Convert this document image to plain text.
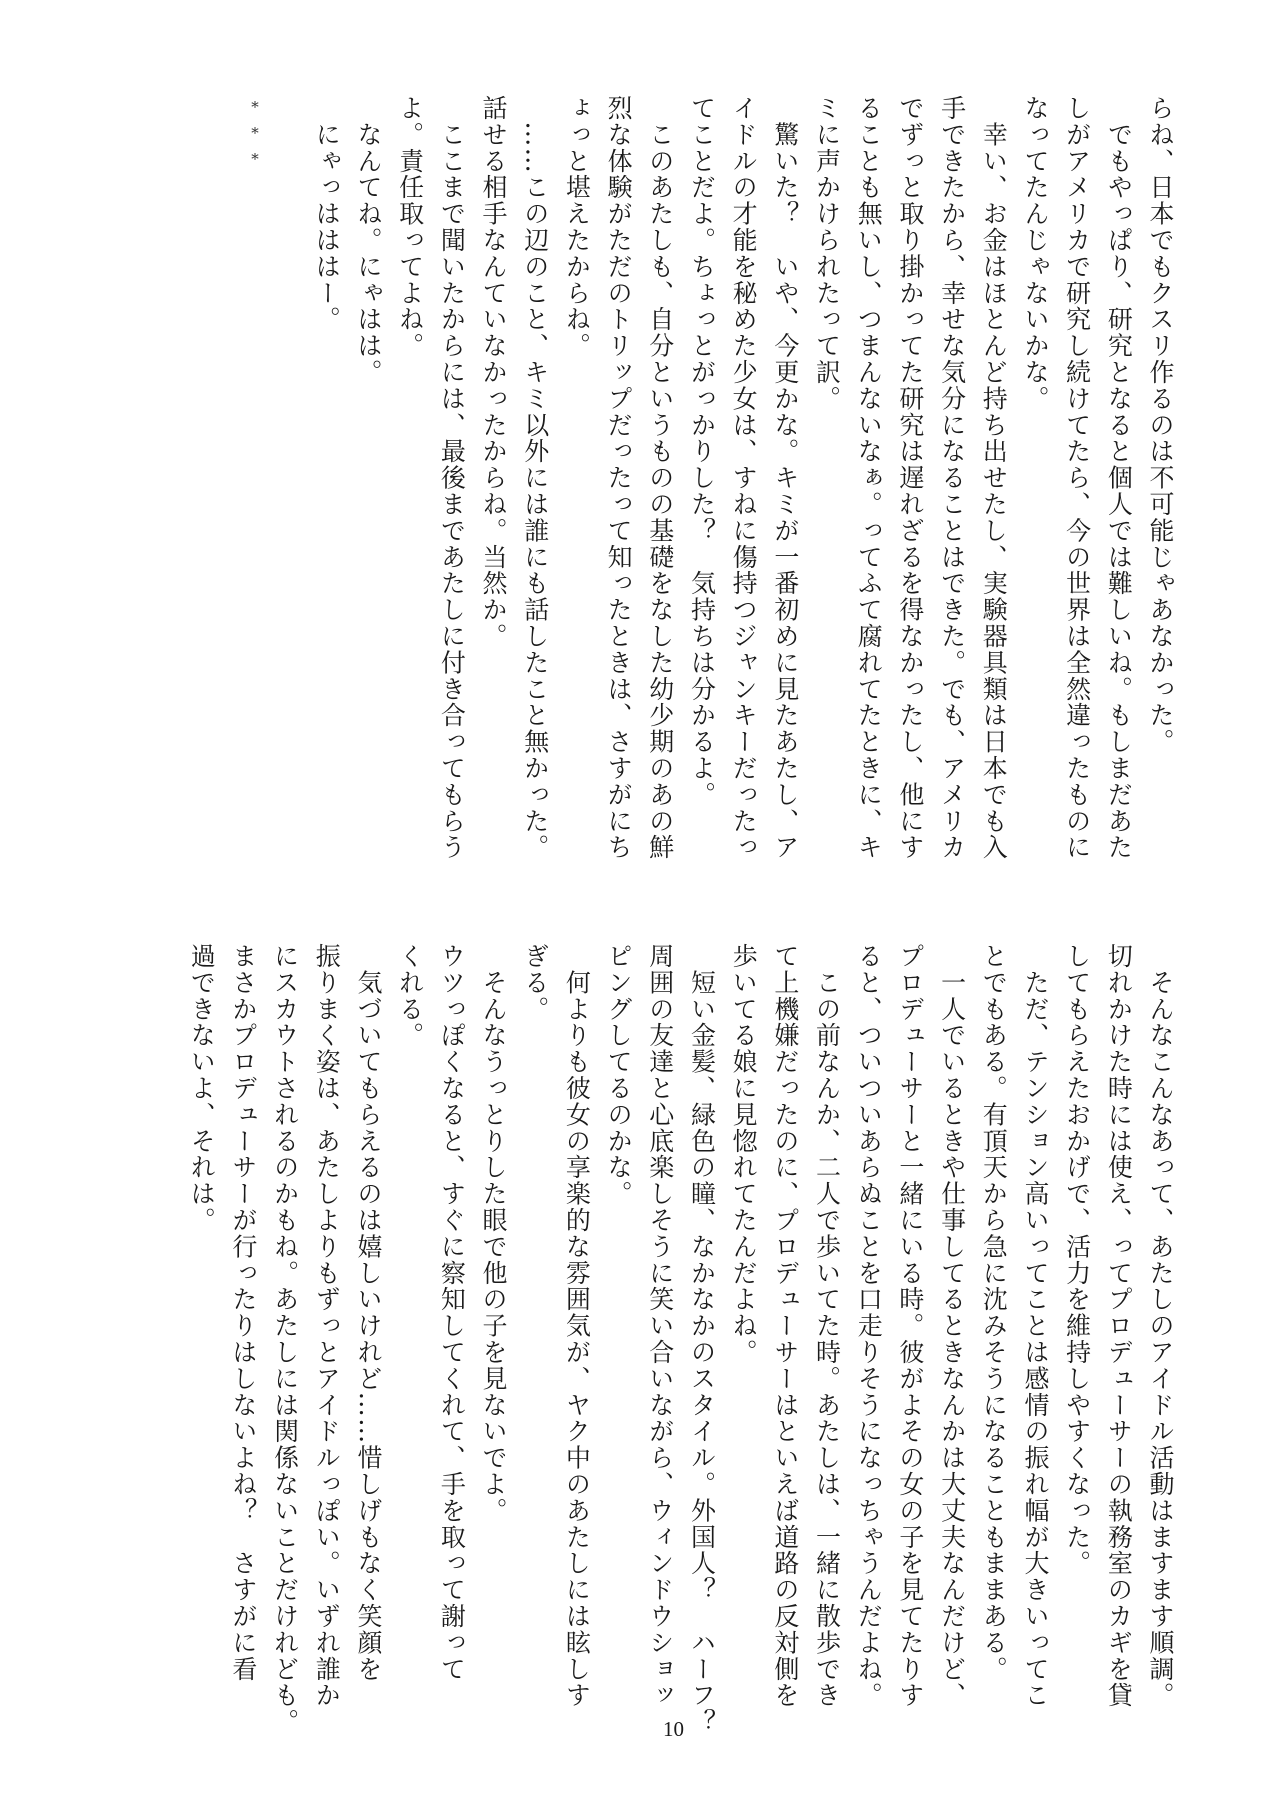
らね、日本でもクスリ作るのは不可能じゃあなかった。
　でもやっぱり、研究となると個人では難しいね。もしまだあた
しがアメリカで研究し続けてたら、今の世界は全然違ったものに
なってたんじゃないかな。
　幸い、お金はほとんど持ち出せたし、実験器具類は日本でも入
手できたから、幸せな気分になることはできた。でも、アメリカ
でずっと取り掛かってた研究は遅れざるを得なかったし、他にす
ることも無いし、つまんないなぁ。ってふて腐れてたときに、キ
ミに声かけられたって訳。
　驚いた？　いや、今更かな。キミが一番初めに見たあたし、ア
イドルの才能を秘めた少女は、すねに傷持つジャンキーだったっ
てことだよ。ちょっとがっかりした？　気持ちは分かるよ。
　このあたしも、自分というものの基礎をなした幼少期のあの鮮
烈な体験がただのトリップだったって知ったときは、さすがにち
ょっと堪えたからね。
　……この辺のこと、キミ以外には誰にも話したこと無かった。
話せる相手なんていなかったからね。当然か。
　ここまで聞いたからには、最後まであたしに付き合ってもらう
よ。責任取ってよね。
　なんてね。にゃはは。
　にゃっはははー。
***
　そんなこんなあって、あたしのアイドル活動はますます順調。
切れかけた時には使え、ってプロデューサーの執務室のカギを貸
してもらえたおかげで、活力を維持しやすくなった。
　ただ、テンション高いってことは感情の振れ幅が大きいってこ
とでもある。有頂天から急に沈みそうになることもままある。
　一人でいるときや仕事してるときなんかは大丈夫なんだけど、
プロデューサーと一緒にいる時。彼がよその女の子を見てたりす
ると、ついついあらぬことを口走りそうになっちゃうんだよね。
　この前なんか、二人で歩いてた時。あたしは、一緒に散歩でき
て上機嫌だったのに、プロデューサーはといえば道路の反対側を
歩いてる娘に見惚れてたんだよね。
　短い金髪、緑色の瞳、なかなかのスタイル。外国人？　ハーフ？
周囲の友達と心底楽しそうに笑い合いながら、ウィンドウショッ
ピングしてるのかな。
　何よりも彼女の享楽的な雰囲気が、ヤク中のあたしには眩しす
ぎる。
　そんなうっとりした眼で他の子を見ないでよ。
ウツっぽくなると、すぐに察知してくれて、手を取って謝って
くれる。
　気づいてもらえるのは嬉しいけれど……惜しげもなく笑顔を
振りまく姿は、あたしよりもずっとアイドルっぽい。いずれ誰か
にスカウトされるのかもね。あたしには関係ないことだけれども。
まさかプロデューサーが行ったりはしないよね？　さすがに看
過できないよ、それは。
10
